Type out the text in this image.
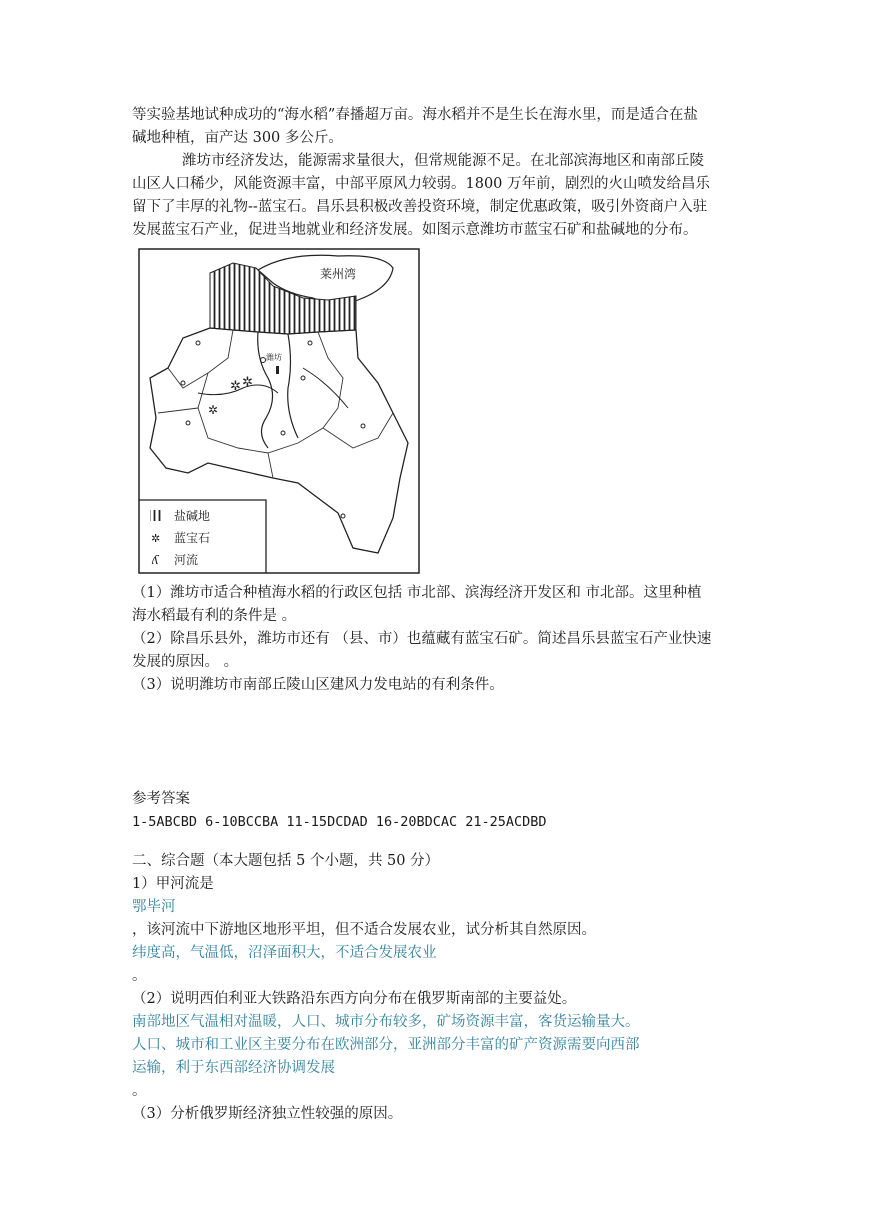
等实验基地试种成功的“海水稻”春播超万亩。海水稻并不是生长在海水里，而是适合在盐
碱地种植，亩产达 300 多公斤。
潍坊市经济发达，能源需求量很大，但常规能源不足。在北部滨海地区和南部丘陵
山区人口稀少，风能资源丰富，中部平原风力较弱。1800 万年前，剧烈的火山喷发给昌乐
留下了丰厚的礼物--蓝宝石。昌乐县积极改善投资环境，制定优惠政策，吸引外资商户入驻
发展蓝宝石产业，促进当地就业和经济发展。如图示意潍坊市蓝宝石矿和盐碱地的分布。
莱州湾
潍坊
✲ ✲
✲
盐碱地
✲ 蓝宝石
ʎ 河流
（1）潍坊市适合种植海水稻的行政区包括 市北部、滨海经济开发区和 市北部。这里种植
海水稻最有利的条件是 。
（2）除昌乐县外，潍坊市还有 （县、市）也蕴藏有蓝宝石矿。简述昌乐县蓝宝石产业快速
发展的原因。 。
（3）说明潍坊市南部丘陵山区建风力发电站的有利条件。
参考答案
1-5ABCBD 6-10BCCBA 11-15DCDAD 16-20BDCAC 21-25ACDBD
二、综合题（本大题包括 5 个小题，共 50 分）
1）甲河流是
鄂毕河
，该河流中下游地区地形平坦，但不适合发展农业，试分析其自然原因。
纬度高，气温低，沼泽面积大，不适合发展农业
。
（2）说明西伯利亚大铁路沿东西方向分布在俄罗斯南部的主要益处。
南部地区气温相对温暖，人口、城市分布较多，矿场资源丰富，客货运输量大。
人口、城市和工业区主要分布在欧洲部分，亚洲部分丰富的矿产资源需要向西部
运输，利于东西部经济协调发展
。
（3）分析俄罗斯经济独立性较强的原因。
